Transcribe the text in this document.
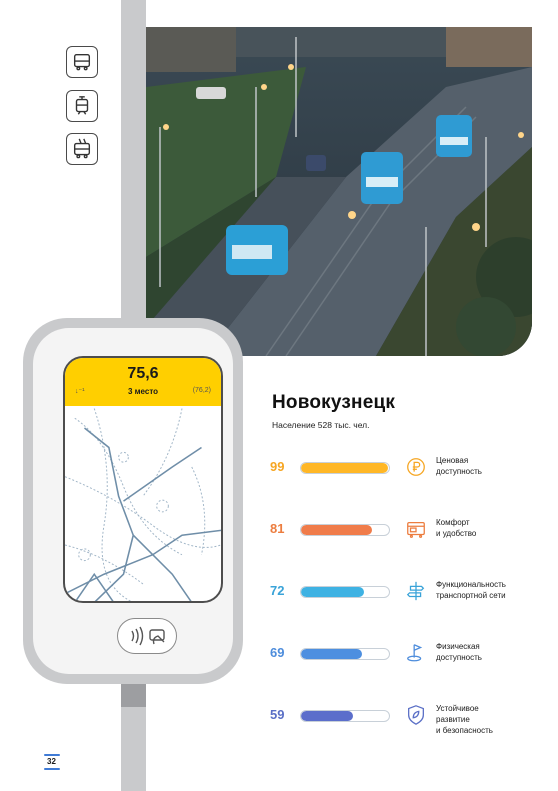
75,6
↓⁻¹	3 место	(76,2)
Новокузнецк
Население 528 тыс. чел.
99	Ценовая
доступность
81	Комфорт
и удобство
72	Функциональность
транспортной сети
69	Физическая
доступность
59	Устойчивое
развитие
и безопасность
32
